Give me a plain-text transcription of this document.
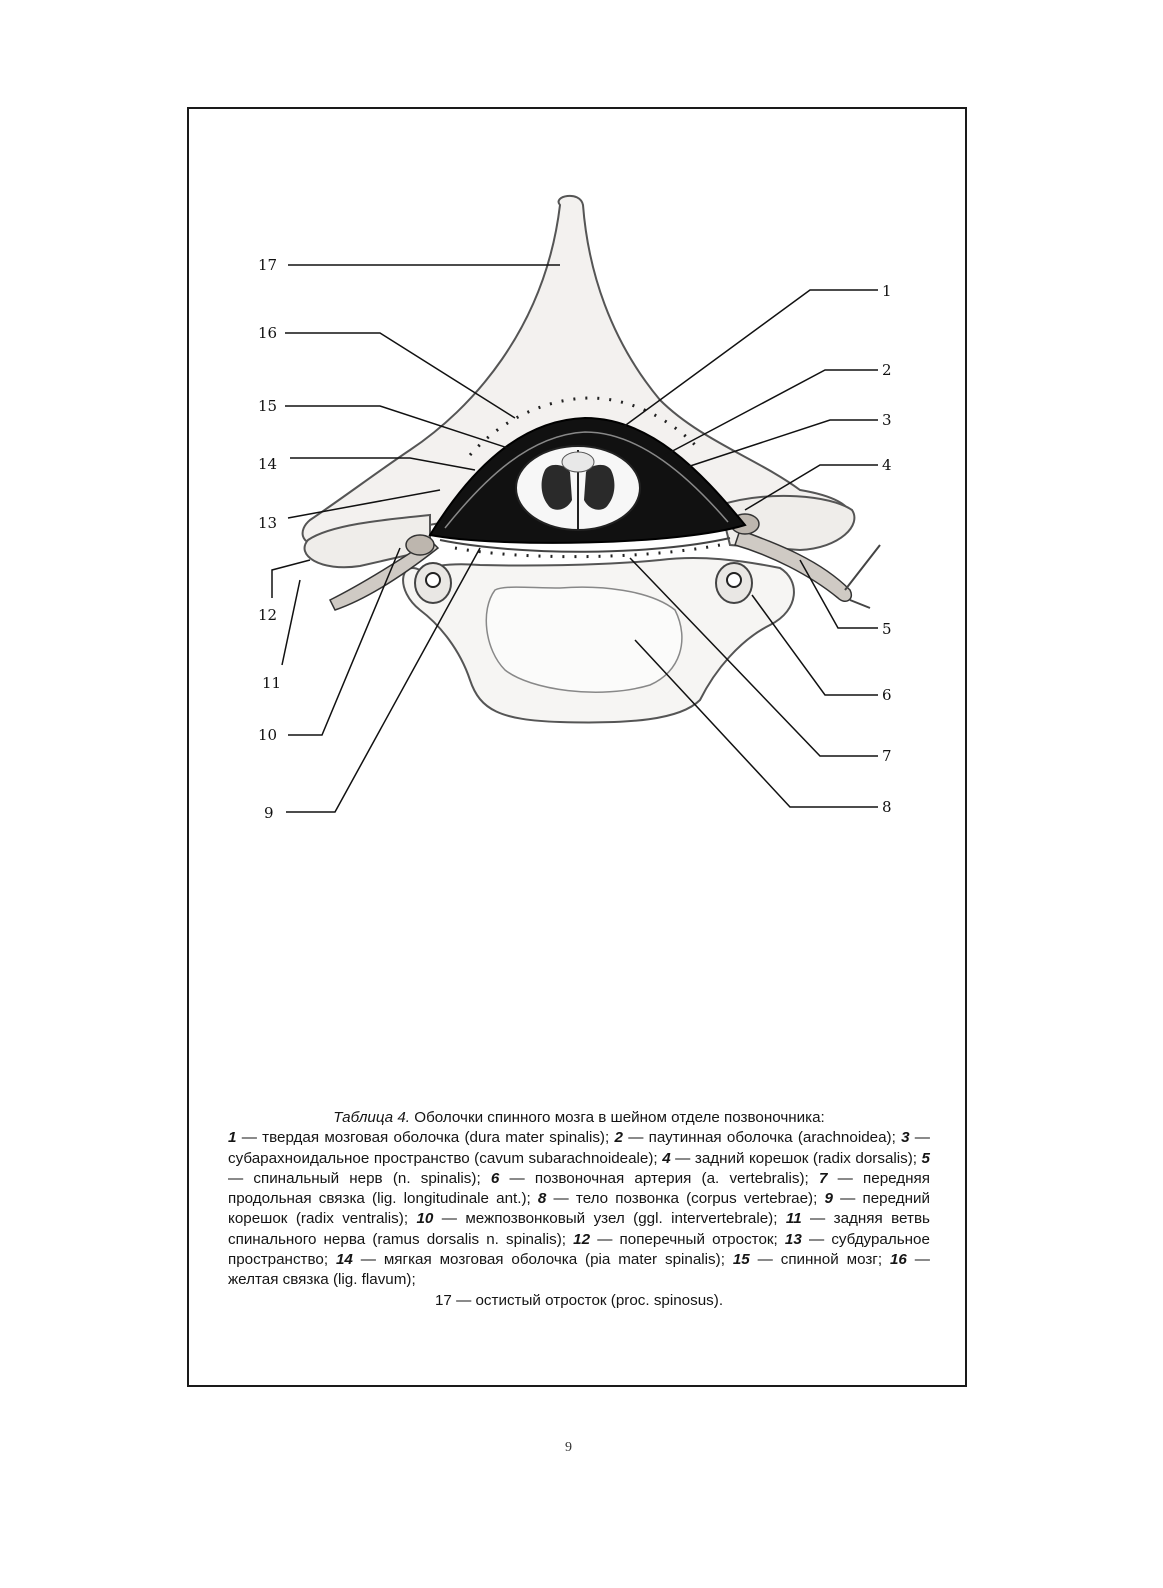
17
16
15
14
13
12
11
10
9
1
2
3
4
5
6
7
8
Таблица 4. Оболочки спинного мозга в шейном отделе позвоночника:
1 — твердая мозговая оболочка (dura mater spinalis); 2 — паутинная оболочка (arachnoidea); 3 — субарахноидальное пространство (cavum subarachnoideale); 4 — задний корешок (radix dorsalis); 5 — спинальный нерв (n. spinalis); 6 — позвоночная артерия (a. vertebralis); 7 — передняя продольная связка (lig. longitudinale ant.); 8 — тело позвонка (corpus vertebrae); 9 — передний корешок (radix ventralis); 10 — межпозвонковый узел (ggl. intervertebrale); 11 — задняя ветвь спинального нерва (ramus dorsalis n. spinalis); 12 — поперечный отросток; 13 — субдуральное пространство; 14 — мягкая мозговая оболочка (pia mater spinalis); 15 — спинной мозг; 16 — желтая связка (lig. flavum);
17 — остистый отросток (proc. spinosus).
9
